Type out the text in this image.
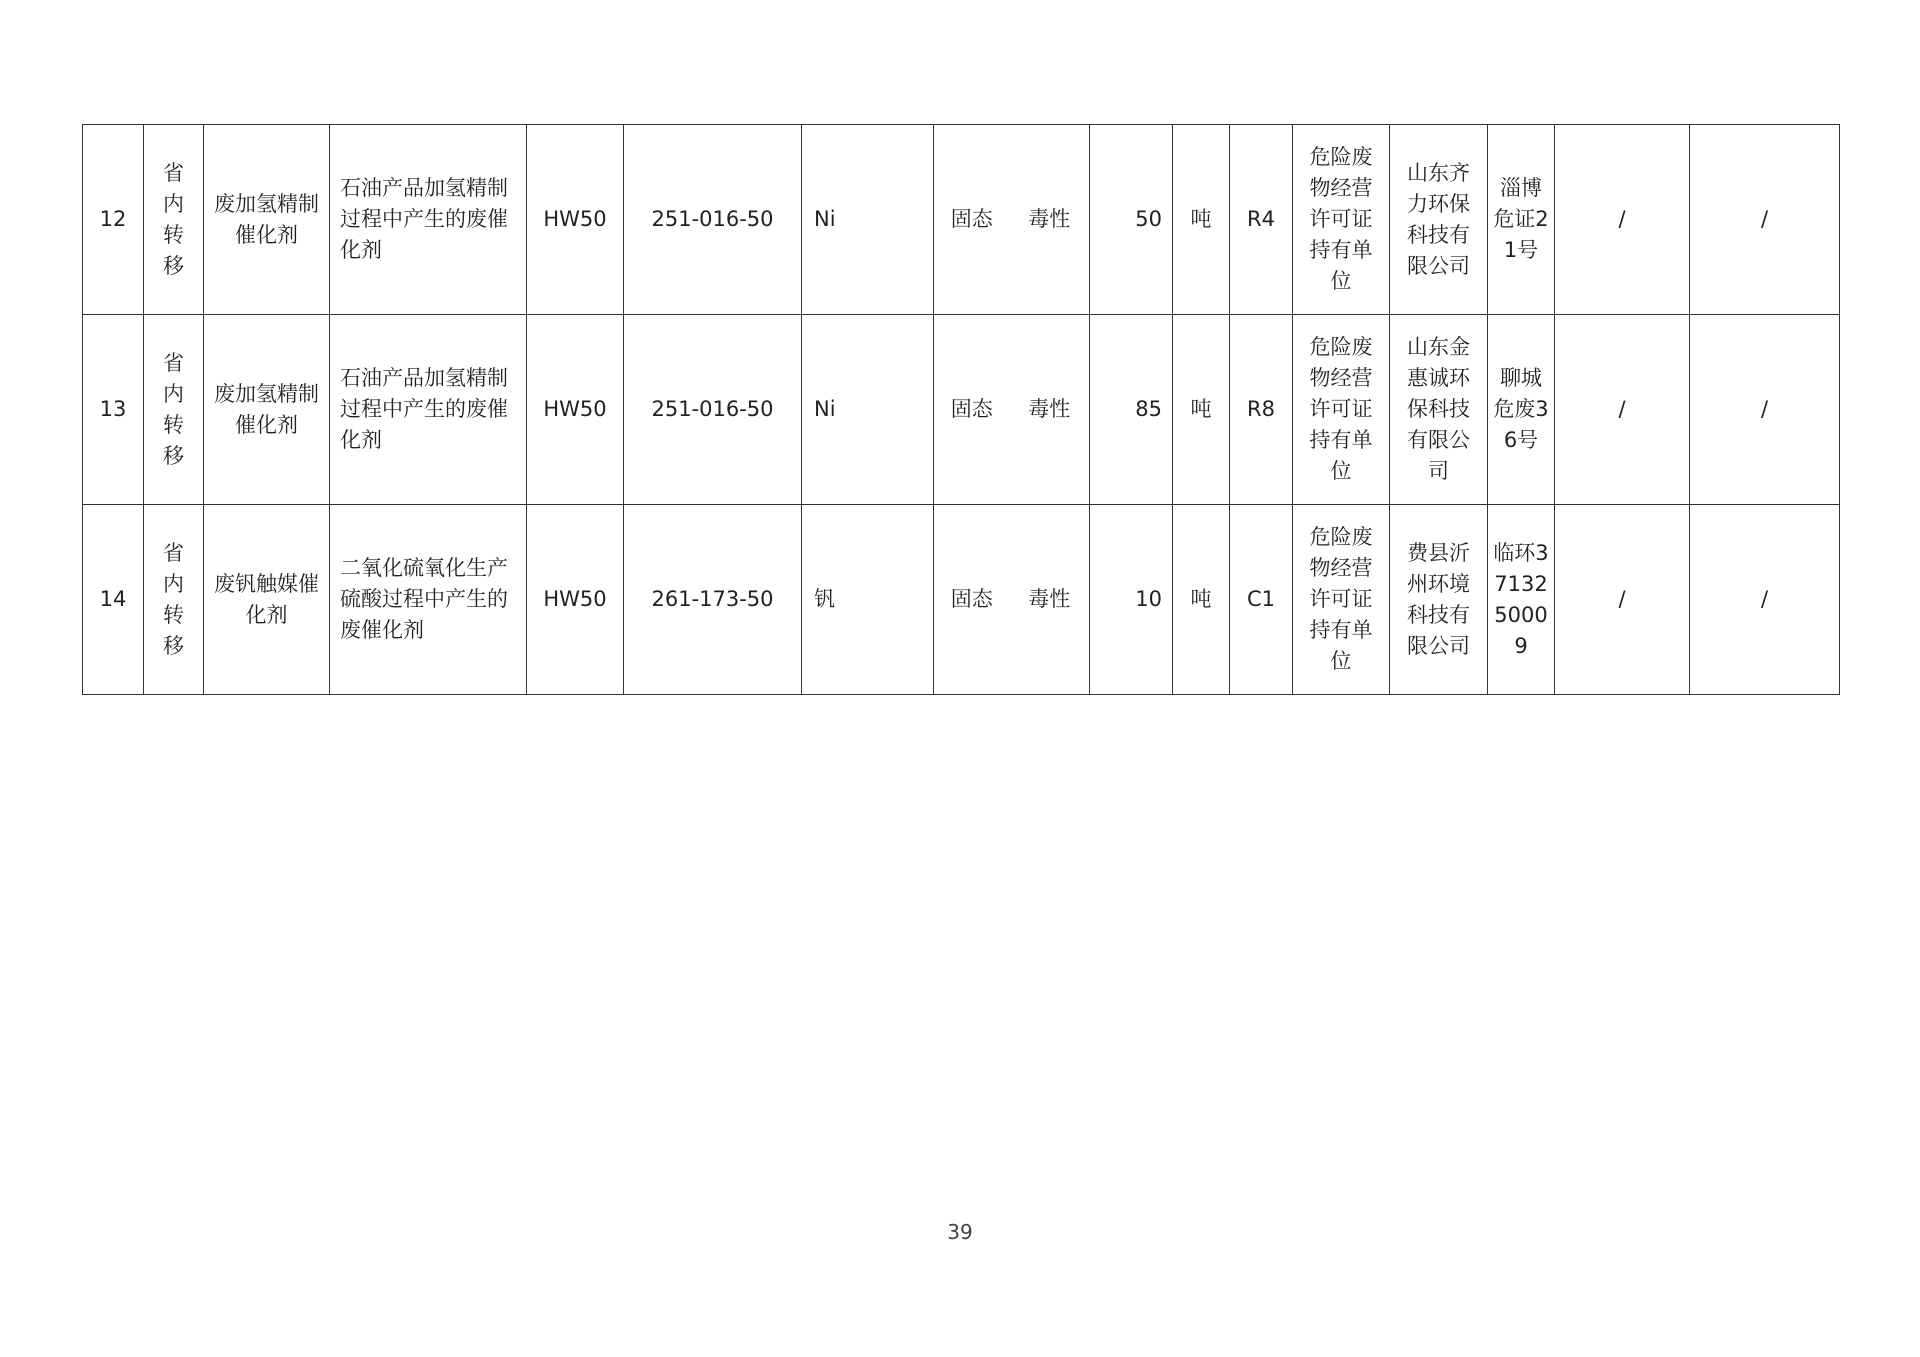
12	省内转移	废加氢精制催化剂	石油产品加氢精制过程中产生的废催化剂	HW50	251-016-50	Ni	固态	毒性	50	吨	R4	危险废物经营许可证持有单位	山东齐力环保科技有限公司	淄博危证21号	/	/
13	省内转移	废加氢精制催化剂	石油产品加氢精制过程中产生的废催化剂	HW50	251-016-50	Ni	固态	毒性	85	吨	R8	危险废物经营许可证持有单位	山东金惠诚环保科技有限公司	聊城危废36号	/	/
14	省内转移	废钒触媒催化剂	二氧化硫氧化生产硫酸过程中产生的废催化剂	HW50	261-173-50	钒	固态	毒性	10	吨	C1	危险废物经营许可证持有单位	费县沂州环境科技有限公司	临环3713250009	/	/
39
